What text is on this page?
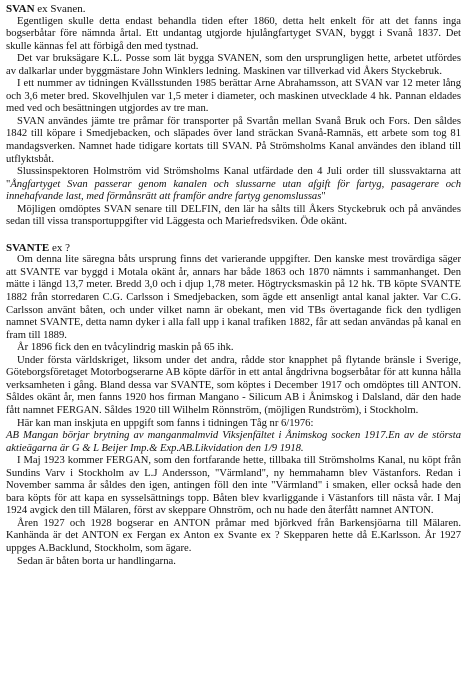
SVAN ex Svanen.

Egentligen skulle detta endast behandla tiden efter 1860, detta helt enkelt för att det fanns inga bogserbåtar före nämnda årtal. Ett undantag utgjorde hjulångfartyget SVAN, byggt i Svanå 1837. Det skulle kännas fel att förbigå den med tystnad.

Det var bruksägare K.L. Posse som lät bygga SVANEN, som den ursprungligen hette, arbetet utfördes av dalkarlar under byggmästare John Winklers ledning. Maskinen var tillverkad vid Åkers Styckebruk.

I ett nummer av tidningen Kvällsstunden 1985 berättar Arne Abrahamsson, att SVAN var 12 meter lång och 3,6 meter bred. Skovelhjulen var 1,5 meter i diameter, och maskinen utvecklade 4 hk. Pannan eldades med ved och besättningen utgjordes av tre man.

SVAN användes jämte tre pråmar för transporter på Svartån mellan Svanå Bruk och Fors. Den såldes 1842 till köpare i Smedjebacken, och släpades över land sträckan Svanå-Ramnäs, ett arbete som tog 81 mandagsverken. Namnet hade tidigare kortats till SVAN. På Strömsholms Kanal användes den ibland till utflyktsbåt.

Slussinspektoren Holmström vid Strömsholms Kanal utfärdade den 4 Juli order till slussvaktarna att "Ångfartyget Svan passerar genom kanalen och slussarne utan afgift för fartyg, pasagerare och innehafvande last, med förmånsrätt att framför andre fartyg genomslussas"

Möjligen omdöptes SVAN senare till DELFIN, den lär ha sålts till Åkers Styckebruk och på användes sedan till vissa transportuppgifter vid Läggesta och Mariefredsviken. Öde okänt.

SVANTE ex ?

Om denna lite säregna båts ursprung finns det varierande uppgifter. Den kanske mest trovärdiga säger att SVANTE var byggd i Motala okänt år, annars har både 1863 och 1870 nämnts i sammanhanget. Den mätte i längd 13,7 meter. Bredd 3,0 och i djup 1,78 meter. Högtrycksmaskin på 12 hk. TB köpte SVANTE 1882 från storredaren C.G. Carlsson i Smedjebacken, som ägde ett ansenligt antal kanal jakter. Var C.G. Carlsson använt båten, och under vilket namn är obekant, men vid TBs övertagande fick den tydligen namnet SVANTE, detta namn dyker i alla fall upp i kanal trafiken 1882, får att sedan användas på kanal en fram till 1889.

År 1896 fick den en tvåcylindrig maskin på 65 ihk.

Under första världskriget, liksom under det andra, rådde stor knapphet på flytande bränsle i Sverige, Göteborgsföretaget Motorbogserarne AB köpte därför in ett antal ångdrivna bogserbåtar för att kunna hålla verksamheten i gång. Bland dessa var SVANTE, som köptes i December 1917 och omdöptes till ANTON. Såldes okänt år, men fanns 1920 hos firman Mangano - Silicum AB i Ånimskog i Dalsland, där den hade fått namnet FERGAN. Såldes 1920 till Wilhelm Rönnström, (möjligen Rundström), i Stockholm.

Här kan man inskjuta en uppgift som fanns i tidningen Tåg nr 6/1976:

AB Mangan börjar brytning av manganmalmvid Viksjenfältet i Ånimskog socken 1917.En av de största aktieägarna är G & L Beijer Imp.& Exp.AB.Likvidation den 1/9 1918.

I Maj 1923 kommer FERGAN, som den fortfarande hette, tillbaka till Strömsholms Kanal, nu köpt från Sundins Varv i Stockholm av L.J Andersson, "Värmland", ny hemmahamn blev Västanfors. Redan i November samma år såldes den igen, antingen föll den inte "Värmland" i smaken, eller också hade den bara köpts för att kapa en sysselsättnings topp. Båten blev kvarliggande i Västanfors till nästa vår. I Maj 1924 avgick den till Mälaren, först av skeppare Ohnström, och nu hade den återfått namnet ANTON.

Åren 1927 och 1928 bogserar en ANTON pråmar med björkved från Barkensjöarna till Mälaren. Kanhända är det ANTON ex Fergan ex Anton ex Svante ex ? Skepparen hette då E.Karlsson. År 1927 uppges A.Backlund, Stockholm, som ägare.

Sedan är båten borta ur handlingarna.
